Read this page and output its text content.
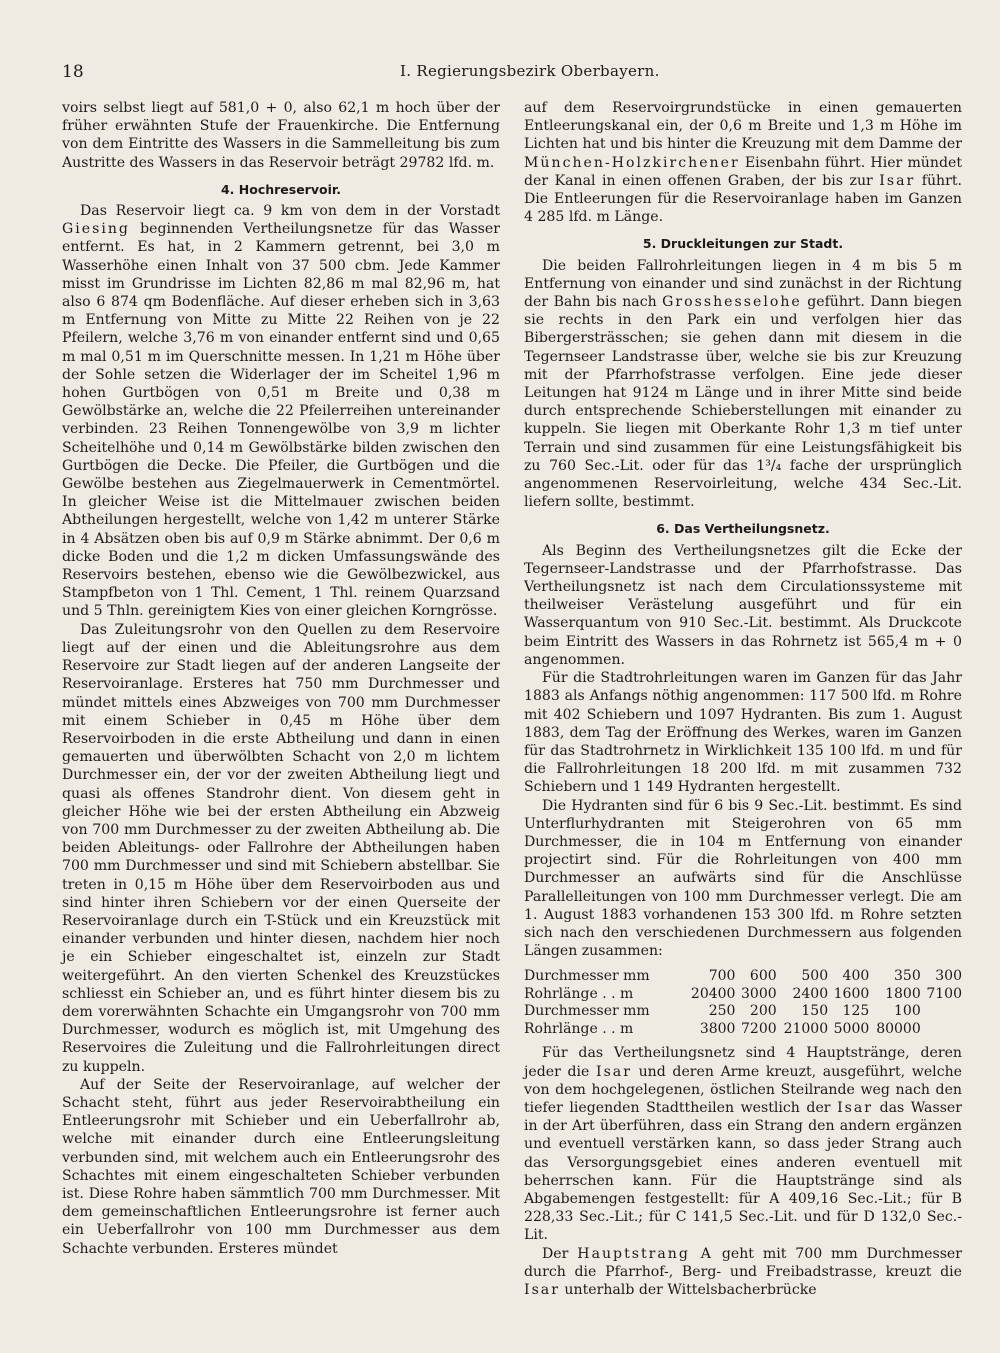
18	I. Regierungsbezirk Oberbayern.

voirs selbst liegt auf 581,0 + 0, also 62,1 m hoch über der früher erwähnten Stufe der Frauenkirche. Die Entfernung von dem Eintritte des Wassers in die Sammelleitung bis zum Austritte des Wassers in das Reservoir beträgt 29782 lfd. m.

4. Hochreservoir.

Das Reservoir liegt ca. 9 km von dem in der Vorstadt Giesing beginnenden Vertheilungsnetze für das Wasser entfernt. Es hat, in 2 Kammern getrennt, bei 3,0 m Wasserhöhe einen Inhalt von 37 500 cbm. Jede Kammer misst im Grundrisse im Lichten 82,86 m mal 82,96 m, hat also 6 874 qm Bodenfläche. Auf dieser erheben sich in 3,63 m Entfernung von Mitte zu Mitte 22 Reihen von je 22 Pfeilern, welche 3,76 m von einander entfernt sind und 0,65 m mal 0,51 m im Querschnitte messen. In 1,21 m Höhe über der Sohle setzen die Widerlager der im Scheitel 1,96 m hohen Gurtbögen von 0,51 m Breite und 0,38 m Gewölbstärke an, welche die 22 Pfeilerreihen untereinander verbinden. 23 Reihen Tonnengewölbe von 3,9 m lichter Scheitelhöhe und 0,14 m Gewölbstärke bilden zwischen den Gurtbögen die Decke. Die Pfeiler, die Gurtbögen und die Gewölbe bestehen aus Ziegelmauerwerk in Cementmörtel. In gleicher Weise ist die Mittelmauer zwischen beiden Abtheilungen hergestellt, welche von 1,42 m unterer Stärke in 4 Absätzen oben bis auf 0,9 m Stärke abnimmt. Der 0,6 m dicke Boden und die 1,2 m dicken Umfassungswände des Reservoirs bestehen, ebenso wie die Gewölbezwickel, aus Stampfbeton von 1 Thl. Cement, 1 Thl. reinem Quarzsand und 5 Thln. gereinigtem Kies von einer gleichen Korngrösse.

Das Zuleitungsrohr von den Quellen zu dem Reservoire liegt auf der einen und die Ableitungsrohre aus dem Reservoire zur Stadt liegen auf der anderen Langseite der Reservoiranlage. Ersteres hat 750 mm Durchmesser und mündet mittels eines Abzweiges von 700 mm Durchmesser mit einem Schieber in 0,45 m Höhe über dem Reservoirboden in die erste Abtheilung und dann in einen gemauerten und überwölbten Schacht von 2,0 m lichtem Durchmesser ein, der vor der zweiten Abtheilung liegt und quasi als offenes Standrohr dient. Von diesem geht in gleicher Höhe wie bei der ersten Abtheilung ein Abzweig von 700 mm Durchmesser zu der zweiten Abtheilung ab. Die beiden Ableitungs- oder Fallrohre der Abtheilungen haben 700 mm Durchmesser und sind mit Schiebern abstellbar. Sie treten in 0,15 m Höhe über dem Reservoirboden aus und sind hinter ihren Schiebern vor der einen Querseite der Reservoiranlage durch ein T-Stück und ein Kreuzstück mit einander verbunden und hinter diesen, nachdem hier noch je ein Schieber eingeschaltet ist, einzeln zur Stadt weitergeführt. An den vierten Schenkel des Kreuzstückes schliesst ein Schieber an, und es führt hinter diesem bis zu dem vorerwähnten Schachte ein Umgangsrohr von 700 mm Durchmesser, wodurch es möglich ist, mit Umgehung des Reservoires die Zuleitung und die Fallrohrleitungen direct zu kuppeln.

Auf der Seite der Reservoiranlage, auf welcher der Schacht steht, führt aus jeder Reservoirabtheilung ein Entleerungsrohr mit Schieber und ein Ueberfallrohr ab, welche mit einander durch eine Entleerungsleitung verbunden sind, mit welchem auch ein Entleerungsrohr des Schachtes mit einem eingeschalteten Schieber verbunden ist. Diese Rohre haben sämmtlich 700 mm Durchmesser. Mit dem gemeinschaftlichen Entleerungsrohre ist ferner auch ein Ueberfallrohr von 100 mm Durchmesser aus dem Schachte verbunden. Ersteres mündet

auf dem Reservoirgrundstücke in einen gemauerten Entleerungskanal ein, der 0,6 m Breite und 1,3 m Höhe im Lichten hat und bis hinter die Kreuzung mit dem Damme der München-Holzkirchener Eisenbahn führt. Hier mündet der Kanal in einen offenen Graben, der bis zur Isar führt. Die Entleerungen für die Reservoiranlage haben im Ganzen 4 285 lfd. m Länge.

5. Druckleitungen zur Stadt.

Die beiden Fallrohrleitungen liegen in 4 m bis 5 m Entfernung von einander und sind zunächst in der Richtung der Bahn bis nach Grosshesselohe geführt. Dann biegen sie rechts in den Park ein und verfolgen hier das Bibergersträsschen; sie gehen dann mit diesem in die Tegernseer Landstrasse über, welche sie bis zur Kreuzung mit der Pfarrhofstrasse verfolgen. Eine jede dieser Leitungen hat 9124 m Länge und in ihrer Mitte sind beide durch entsprechende Schieberstellungen mit einander zu kuppeln. Sie liegen mit Oberkante Rohr 1,3 m tief unter Terrain und sind zusammen für eine Leistungsfähigkeit bis zu 760 Sec.-Lit. oder für das 1³/₄ fache der ursprünglich angenommenen Reservoirleitung, welche 434 Sec.-Lit. liefern sollte, bestimmt.

6. Das Vertheilungsnetz.

Als Beginn des Vertheilungsnetzes gilt die Ecke der Tegernseer-Landstrasse und der Pfarrhofstrasse. Das Vertheilungsnetz ist nach dem Circulationssysteme mit theilweiser Verästelung ausgeführt und für ein Wasserquantum von 910 Sec.-Lit. bestimmt. Als Druckcote beim Eintritt des Wassers in das Rohrnetz ist 565,4 m + 0 angenommen.

Für die Stadtrohrleitungen waren im Ganzen für das Jahr 1883 als Anfangs nöthig angenommen: 117 500 lfd. m Rohre mit 402 Schiebern und 1097 Hydranten. Bis zum 1. August 1883, dem Tag der Eröffnung des Werkes, waren im Ganzen für das Stadtrohrnetz in Wirklichkeit 135 100 lfd. m und für die Fallrohrleitungen 18 200 lfd. m mit zusammen 732 Schiebern und 1 149 Hydranten hergestellt.

Die Hydranten sind für 6 bis 9 Sec.-Lit. bestimmt. Es sind Unterflurhydranten mit Steigerohren von 65 mm Durchmesser, die in 104 m Entfernung von einander projectirt sind. Für die Rohrleitungen von 400 mm Durchmesser an aufwärts sind für die Anschlüsse Parallelleitungen von 100 mm Durchmesser verlegt. Die am 1. August 1883 vorhandenen 153 300 lfd. m Rohre setzten sich nach den verschiedenen Durchmessern aus folgenden Längen zusammen:

Durchmesser mm	700	600	500	400	350	300
Rohrlänge . . m	20400	3000	2400	1600	1800	7100
Durchmesser mm	250	200	150	125	100	
Rohrlänge . . m	3800	7200	21000	5000	80000	

Für das Vertheilungsnetz sind 4 Hauptstränge, deren jeder die Isar und deren Arme kreuzt, ausgeführt, welche von dem hochgelegenen, östlichen Steilrande weg nach den tiefer liegenden Stadttheilen westlich der Isar das Wasser in der Art überführen, dass ein Strang den andern ergänzen und eventuell verstärken kann, so dass jeder Strang auch das Versorgungsgebiet eines anderen eventuell mit beherrschen kann. Für die Hauptstränge sind als Abgabemengen festgestellt: für A 409,16 Sec.-Lit.; für B 228,33 Sec.-Lit.; für C 141,5 Sec.-Lit. und für D 132,0 Sec.-Lit.

Der Hauptstrang A geht mit 700 mm Durchmesser durch die Pfarrhof-, Berg- und Freibadstrasse, kreuzt die Isar unterhalb der Wittelsbacherbrücke
